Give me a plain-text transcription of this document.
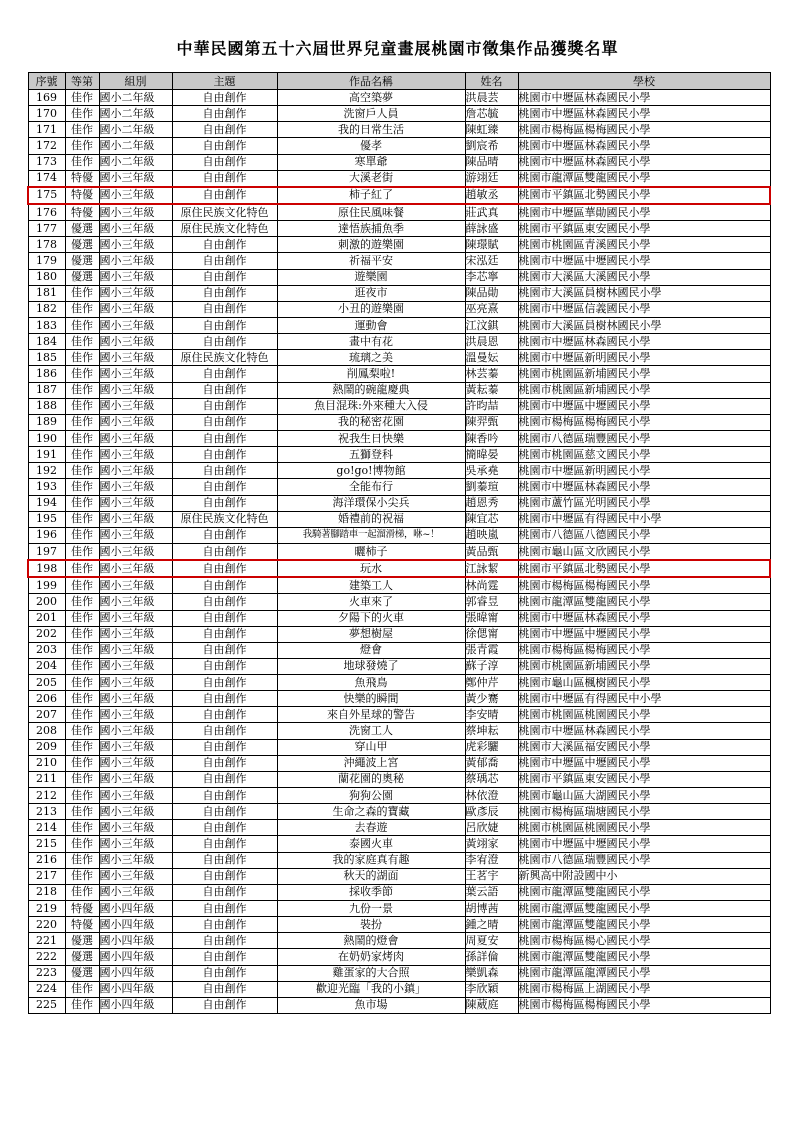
中華民國第五十六屆世界兒童畫展桃園市徵集作品獲獎名單
序號	等第	組別	主題	作品名稱	姓名	學校
169	佳作	國小二年級	自由創作	高空築夢	洪晨芸	桃園市中壢區林森國民小學
170	佳作	國小二年級	自由創作	洗窗戶人員	詹芯毓	桃園市中壢區林森國民小學
171	佳作	國小二年級	自由創作	我的日常生活	陳虹臻	桃園市楊梅區楊梅國民小學
172	佳作	國小二年級	自由創作	優孝	劉宸希	桃園市中壢區林森國民小學
173	佳作	國小二年級	自由創作	寒單爺	陳品晴	桃園市中壢區林森國民小學
174	特優	國小三年級	自由創作	大溪老街	游翊廷	桃園市龍潭區雙龍國民小學
175	特優	國小三年級	自由創作	柿子紅了	趙敏丞	桃園市平鎮區北勢國民小學
176	特優	國小三年級	原住民族文化特色	原住民風味餐	莊武真	桃園市中壢區華勛國民小學
177	優選	國小三年級	原住民族文化特色	達悟族捕魚季	薛詠盛	桃園市平鎮區東安國民小學
178	優選	國小三年級	自由創作	刺激的遊樂園	陳璟賦	桃園市桃園區青溪國民小學
179	優選	國小三年級	自由創作	祈福平安	宋泓廷	桃園市中壢區中壢國民小學
180	優選	國小三年級	自由創作	遊樂園	李芯寧	桃園市大溪區大溪國民小學
181	佳作	國小三年級	自由創作	逛夜市	陳品勛	桃園市大溪區員樹林國民小學
182	佳作	國小三年級	自由創作	小丑的遊樂園	巫亮熹	桃園市中壢區信義國民小學
183	佳作	國小三年級	自由創作	運動會	江汶錤	桃園市大溪區員樹林國民小學
184	佳作	國小三年級	自由創作	畫中有花	洪晨恩	桃園市中壢區林森國民小學
185	佳作	國小三年級	原住民族文化特色	琉璃之美	溫曼妘	桃園市中壢區新明國民小學
186	佳作	國小三年級	自由創作	削鳳梨啦!	林芸蓁	桃園市桃園區新埔國民小學
187	佳作	國小三年級	自由創作	熱鬧的碗龍慶典	黃耘蓁	桃園市桃園區新埔國民小學
188	佳作	國小三年級	自由創作	魚目混珠:外來種大入侵	許昀喆	桃園市中壢區中壢國民小學
189	佳作	國小三年級	自由創作	我的秘密花園	陳羿甄	桃園市楊梅區楊梅國民小學
190	佳作	國小三年級	自由創作	祝我生日快樂	陳香吟	桃園市八德區瑞豐國民小學
191	佳作	國小三年級	自由創作	五獅登科	簡暐晏	桃園市桃園區慈文國民小學
192	佳作	國小三年級	自由創作	go!go!博物館	吳承堯	桃園市中壢區新明國民小學
193	佳作	國小三年級	自由創作	全能布行	劉蓁瑄	桃園市中壢區林森國民小學
194	佳作	國小三年級	自由創作	海洋環保小尖兵	趙恩秀	桃園市蘆竹區光明國民小學
195	佳作	國小三年級	原住民族文化特色	婚禮前的祝福	陳宜芯	桃園市中壢區有得國民中小學
196	佳作	國小三年級	自由創作	我騎著腳踏車一起溜滑梯，咻~！	趙映嵐	桃園市八德區八德國民小學
197	佳作	國小三年級	自由創作	曬柿子	黃品甄	桃園市龜山區文欣國民小學
198	佳作	國小三年級	自由創作	玩水	江詠絜	桃園市平鎮區北勢國民小學
199	佳作	國小三年級	自由創作	建築工人	林尚霆	桃園市楊梅區楊梅國民小學
200	佳作	國小三年級	自由創作	火車來了	郭睿昱	桃園市龍潭區雙龍國民小學
201	佳作	國小三年級	自由創作	夕陽下的火車	張暐甯	桃園市中壢區林森國民小學
202	佳作	國小三年級	自由創作	夢想樹屋	徐偲甯	桃園市中壢區中壢國民小學
203	佳作	國小三年級	自由創作	燈會	張青霞	桃園市楊梅區楊梅國民小學
204	佳作	國小三年級	自由創作	地球發燒了	蘇子淳	桃園市桃園區新埔國民小學
205	佳作	國小三年級	自由創作	魚飛鳥	鄭仲芹	桃園市龜山區楓樹國民小學
206	佳作	國小三年級	自由創作	快樂的瞬間	黃少騫	桃園市中壢區有得國民中小學
207	佳作	國小三年級	自由創作	來自外星球的警告	李安晴	桃園市桃園區桃園國民小學
208	佳作	國小三年級	自由創作	洗窗工人	蔡坤耘	桃園市中壢區林森國民小學
209	佳作	國小三年級	自由創作	穿山甲	虎彩驪	桃園市大溪區福安國民小學
210	佳作	國小三年級	自由創作	沖繩波上宮	黃郁喬	桃園市中壢區中壢國民小學
211	佳作	國小三年級	自由創作	蘭花園的奧秘	蔡瑀芯	桃園市平鎮區東安國民小學
212	佳作	國小三年級	自由創作	狗狗公園	林依澄	桃園市龜山區大湖國民小學
213	佳作	國小三年級	自由創作	生命之森的寶藏	歐彥辰	桃園市楊梅區瑞塘國民小學
214	佳作	國小三年級	自由創作	去春遊	呂欣婕	桃園市桃園區桃園國民小學
215	佳作	國小三年級	自由創作	泰國火車	黃翊家	桃園市中壢區中壢國民小學
216	佳作	國小三年級	自由創作	我的家庭真有趣	李宥澄	桃園市八德區瑞豐國民小學
217	佳作	國小三年級	自由創作	秋天的湖面	王茗宇	新興高中附設國中小
218	佳作	國小三年級	自由創作	採收季節	葉云語	桃園市龍潭區雙龍國民小學
219	特優	國小四年級	自由創作	九份一景	胡博茜	桃園市龍潭區雙龍國民小學
220	特優	國小四年級	自由創作	裝扮	鍾之晴	桃園市龍潭區雙龍國民小學
221	優選	國小四年級	自由創作	熱鬧的燈會	周夏安	桃園市楊梅區楊心國民小學
222	優選	國小四年級	自由創作	在奶奶家烤肉	孫詳倫	桃園市龍潭區雙龍國民小學
223	優選	國小四年級	自由創作	雞蛋家的大合照	樂凱森	桃園市龍潭區龍潭國民小學
224	佳作	國小四年級	自由創作	歡迎光臨「我的小鎮」	李欣穎	桃園市楊梅區上湖國民小學
225	佳作	國小四年級	自由創作	魚市場	陳葳庭	桃園市楊梅區楊梅國民小學
